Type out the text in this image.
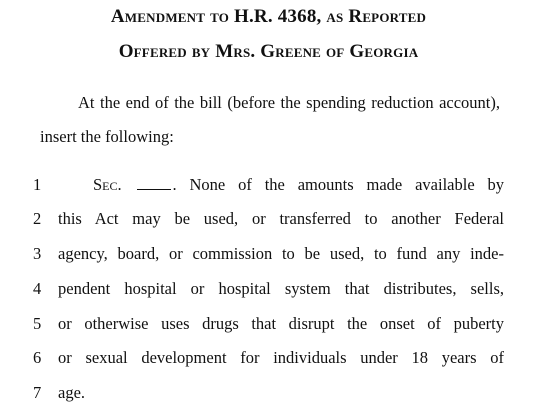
Amendment to H.R. 4368, as Reported
Offered by Mrs. Greene of Georgia
At the end of the bill (before the spending reduction account), insert the following:
1	Sec.	. None of the amounts made available by
2	this Act may be used, or transferred to another Federal
3	agency, board, or commission to be used, to fund any inde-
4	pendent hospital or hospital system that distributes, sells,
5	or otherwise uses drugs that disrupt the onset of puberty
6	or sexual development for individuals under 18 years of
7	age.
